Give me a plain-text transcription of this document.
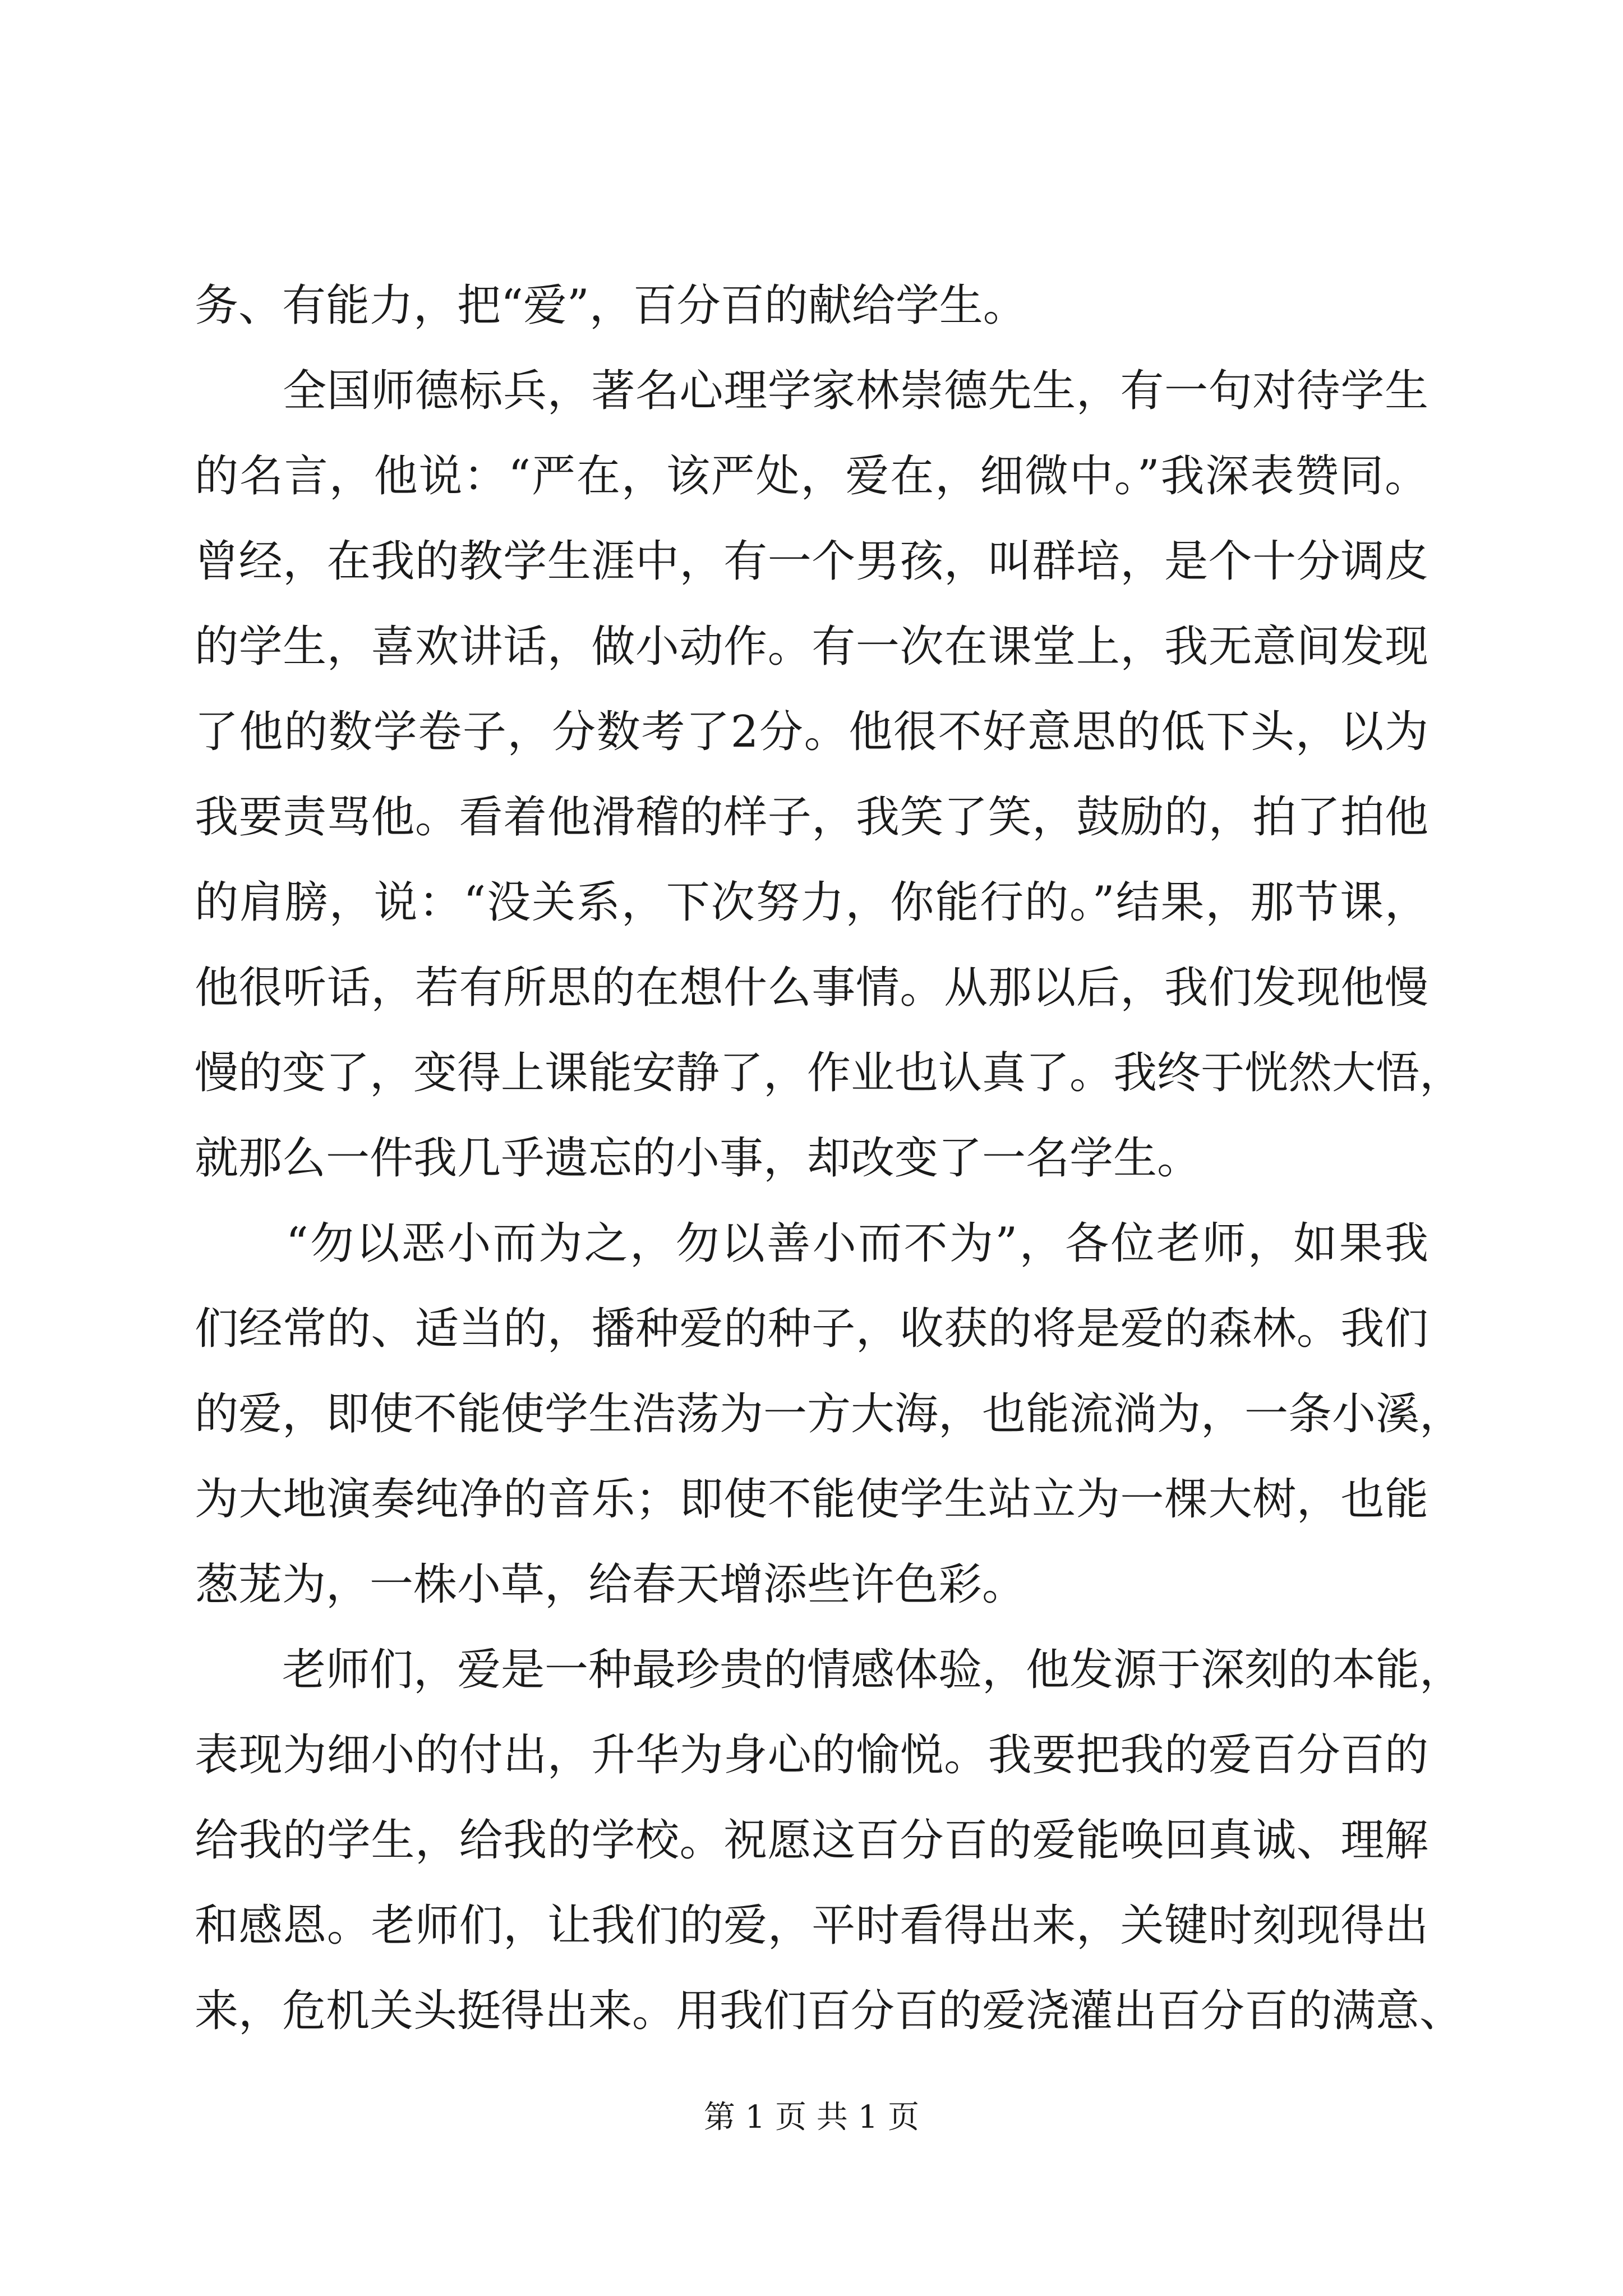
务、有能力，把“爱”，百分百的献给学生。
　　全国师德标兵，著名心理学家林崇德先生，有一句对待学生
的名言，他说：“严在，该严处，爱在，细微中。”我深表赞同。
曾经，在我的教学生涯中，有一个男孩，叫群培，是个十分调皮
的学生，喜欢讲话，做小动作。有一次在课堂上，我无意间发现
了他的数学卷子，分数考了2分。他很不好意思的低下头，以为
我要责骂他。看着他滑稽的样子，我笑了笑，鼓励的，拍了拍他
的肩膀，说：“没关系，下次努力，你能行的。”结果，那节课，
他很听话，若有所思的在想什么事情。从那以后，我们发现他慢
慢的变了，变得上课能安静了，作业也认真了。我终于恍然大悟，
就那么一件我几乎遗忘的小事，却改变了一名学生。
　　“勿以恶小而为之，勿以善小而不为”，各位老师，如果我
们经常的、适当的，播种爱的种子，收获的将是爱的森林。我们
的爱，即使不能使学生浩荡为一方大海，也能流淌为，一条小溪，
为大地演奏纯净的音乐；即使不能使学生站立为一棵大树，也能
葱茏为，一株小草，给春天增添些许色彩。
　　老师们，爱是一种最珍贵的情感体验，他发源于深刻的本能，
表现为细小的付出，升华为身心的愉悦。我要把我的爱百分百的
给我的学生，给我的学校。祝愿这百分百的爱能唤回真诚、理解
和感恩。老师们，让我们的爱，平时看得出来，关键时刻现得出
来，危机关头挺得出来。用我们百分百的爱浇灌出百分百的满意、
第 1 页 共 1 页
